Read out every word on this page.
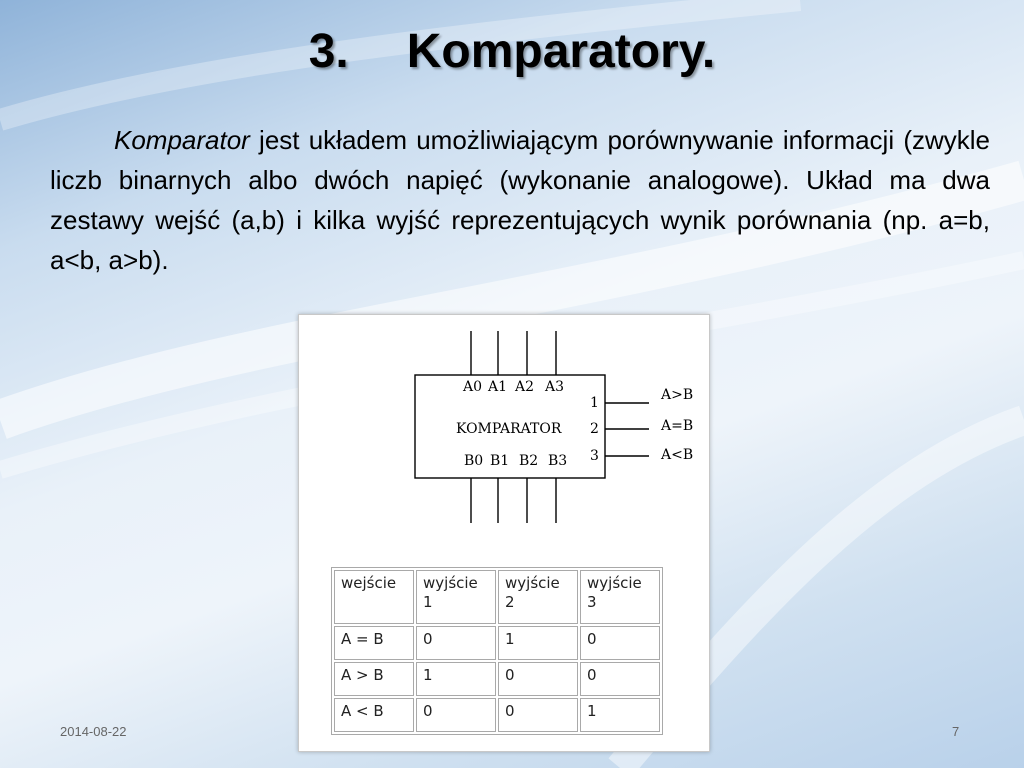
3. Komparatory.
Komparator jest układem umożliwiającym porównywanie informacji (zwykle liczb binarnych albo dwóch napięć (wykonanie analogowe). Układ ma dwa zestawy wejść (a,b) i kilka wyjść reprezentujących wynik porównania (np. a=b, a<b, a>b).
A0 A1 A2 A3
KOMPARATOR
B0 B1 B2 B3
1
2
3
A>B
A=B
A<B
wejście	wyjście 1	wyjście 2	wyjście 3
A = B	0	1	0
A > B	1	0	0
A < B	0	0	1
2014-08-22	7
